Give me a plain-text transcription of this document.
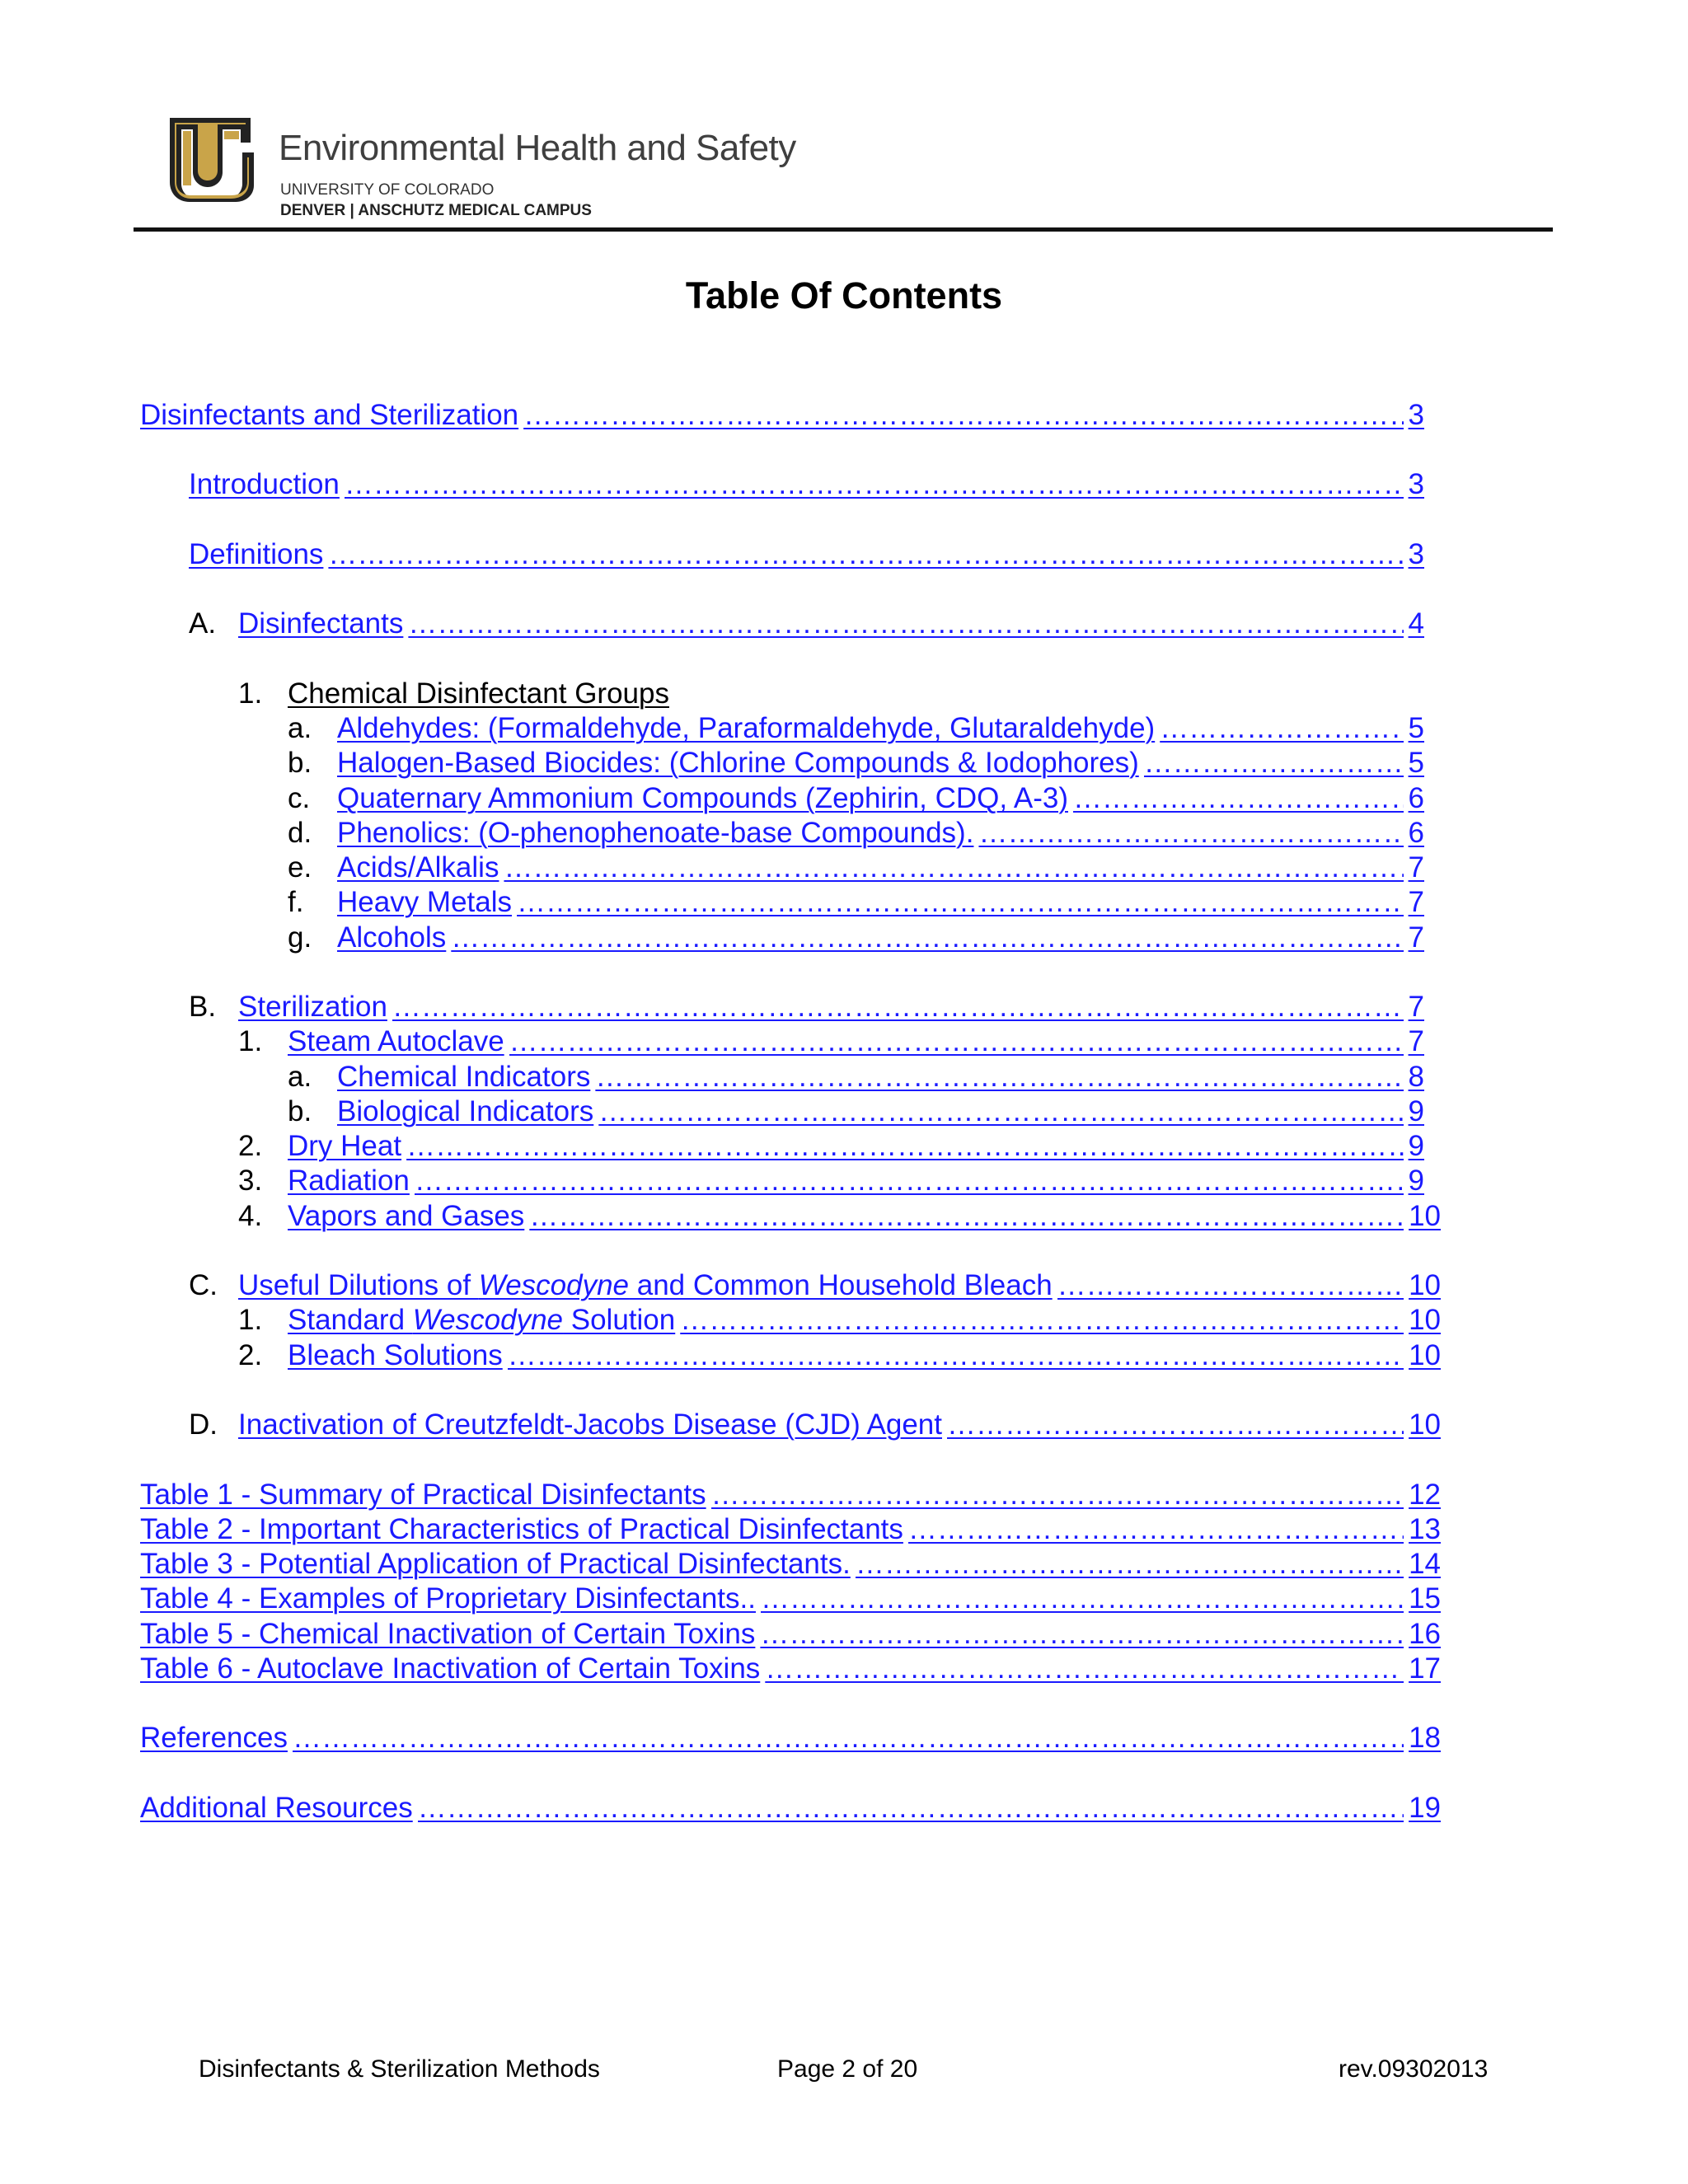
Environmental Health and Safety
UNIVERSITY OF COLORADO
DENVER | ANSCHUTZ MEDICAL CAMPUS
Table Of Contents
Disinfectants and Sterilization …………………………………………………………………………………………………………………………………………………………………………………………………………………………………………………	3
Introduction …………………………………………………………………………………………………………………………………………………………………………………………………………………………………………………	3
Definitions …………………………………………………………………………………………………………………………………………………………………………………………………………………………………………………	3
A. Disinfectants …………………………………………………………………………………………………………………………………………………………………………………………………………………………………………………	4
1. Chemical Disinfectant Groups
a. Aldehydes: (Formaldehyde, Paraformaldehyde, Glutaraldehyde) …………………………………………………………………………………………………………………………………………………………………………………………………………………………………………………	5
b. Halogen-Based Biocides: (Chlorine Compounds & Iodophores) …………………………………………………………………………………………………………………………………………………………………………………………………………………………………………………	5
c. Quaternary Ammonium Compounds (Zephirin, CDQ, A-3) …………………………………………………………………………………………………………………………………………………………………………………………………………………………………………………	6
d. Phenolics: (O-phenophenoate-base Compounds). …………………………………………………………………………………………………………………………………………………………………………………………………………………………………………………	6
e. Acids/Alkalis …………………………………………………………………………………………………………………………………………………………………………………………………………………………………………………	7
f.	Heavy Metals …………………………………………………………………………………………………………………………………………………………………………………………………………………………………………………	7
g. Alcohols …………………………………………………………………………………………………………………………………………………………………………………………………………………………………………………	7
B. Sterilization …………………………………………………………………………………………………………………………………………………………………………………………………………………………………………………	7
1. Steam Autoclave …………………………………………………………………………………………………………………………………………………………………………………………………………………………………………………	7
a. Chemical Indicators …………………………………………………………………………………………………………………………………………………………………………………………………………………………………………………	8
b. Biological Indicators …………………………………………………………………………………………………………………………………………………………………………………………………………………………………………………	9
2. Dry Heat …………………………………………………………………………………………………………………………………………………………………………………………………………………………………………………	9
3. Radiation …………………………………………………………………………………………………………………………………………………………………………………………………………………………………………………	9
4. Vapors and Gases …………………………………………………………………………………………………………………………………………………………………………………………………………………………………………………	10
C. Useful Dilutions of Wescodyne and Common Household Bleach …………………………………………………………………………………………………………………………………………………………………………………………………………………………………………………	10
1. Standard Wescodyne Solution …………………………………………………………………………………………………………………………………………………………………………………………………………………………………………………	10
2. Bleach Solutions …………………………………………………………………………………………………………………………………………………………………………………………………………………………………………………	10
D. Inactivation of Creutzfeldt-Jacobs Disease (CJD) Agent …………………………………………………………………………………………………………………………………………………………………………………………………………………………………………………	10
Table 1 - Summary of Practical Disinfectants …………………………………………………………………………………………………………………………………………………………………………………………………………………………………………………	12
Table 2 - Important Characteristics of Practical Disinfectants …………………………………………………………………………………………………………………………………………………………………………………………………………………………………………………	13
Table 3 - Potential Application of Practical Disinfectants. …………………………………………………………………………………………………………………………………………………………………………………………………………………………………………………	14
Table 4 - Examples of Proprietary Disinfectants.. …………………………………………………………………………………………………………………………………………………………………………………………………………………………………………………	15
Table 5 - Chemical Inactivation of Certain Toxins …………………………………………………………………………………………………………………………………………………………………………………………………………………………………………………	16
Table 6 - Autoclave Inactivation of Certain Toxins …………………………………………………………………………………………………………………………………………………………………………………………………………………………………………………	17
References …………………………………………………………………………………………………………………………………………………………………………………………………………………………………………………	18
Additional Resources …………………………………………………………………………………………………………………………………………………………………………………………………………………………………………………	19
Disinfectants & Sterilization Methods	Page 2 of 20	rev.09302013
